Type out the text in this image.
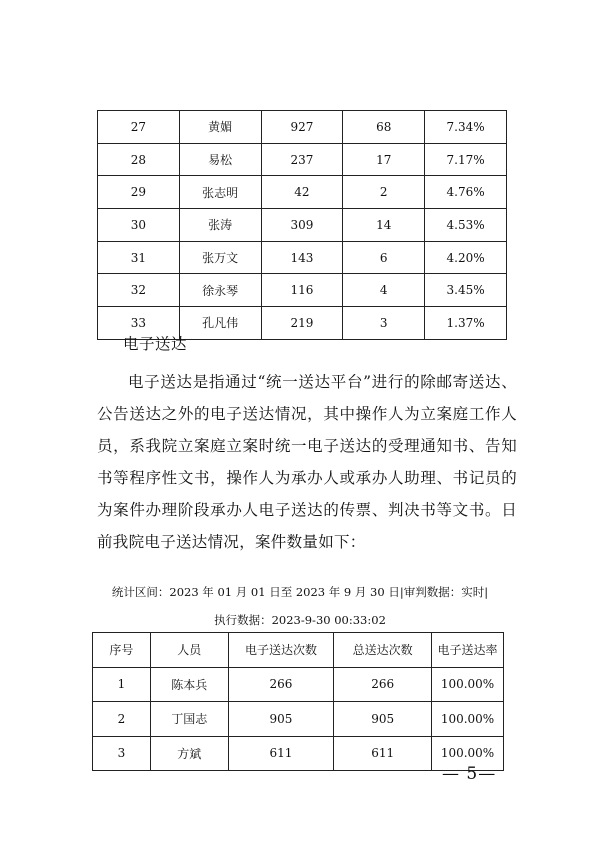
27	黄媚	927	68	7.34%
28	易松	237	17	7.17%
29	张志明	42	2	4.76%
30	张涛	309	14	4.53%
31	张万文	143	6	4.20%
32	徐永琴	116	4	3.45%
33	孔凡伟	219	3	1.37%
电子送达
电子送达是指通过“统一送达平台”进行的除邮寄送达、公告送达之外的电子送达情况，其中操作人为立案庭工作人员，系我院立案庭立案时统一电子送达的受理通知书、告知书等程序性文书，操作人为承办人或承办人助理、书记员的为案件办理阶段承办人电子送达的传票、判决书等文书。日前我院电子送达情况，案件数量如下：
统计区间：2023 年 01 月 01 日至 2023 年 9 月 30 日|审判数据：实时|
执行数据：2023-9-30 00:33:02
序号	人员	电子送达次数	总送达次数	电子送达率
1	陈本兵	266	266	100.00%
2	丁国志	905	905	100.00%
3	方斌	611	611	100.00%
— 5—
